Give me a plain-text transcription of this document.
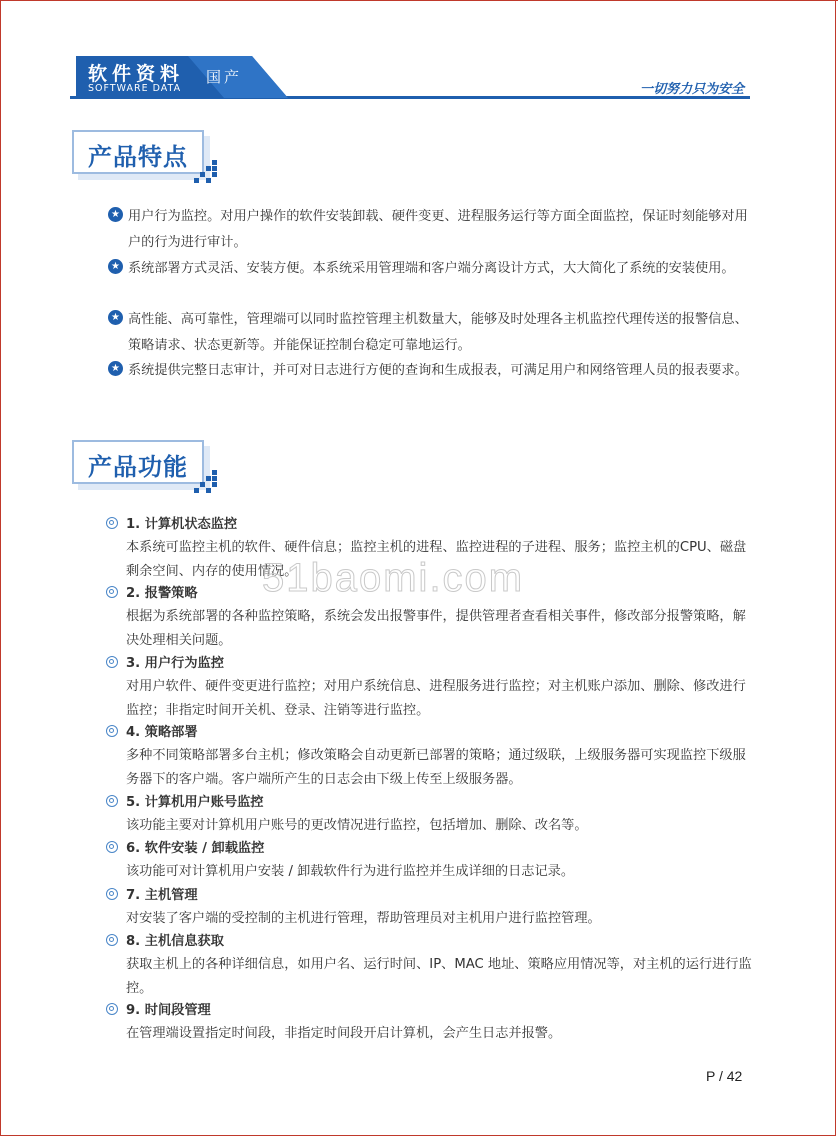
软件资料
SOFTWARE DATA
国产
一切努力只为安全
产品特点
★ 用户行为监控。对用户操作的软件安装卸载、硬件变更、进程服务运行等方面全面监控，保证时刻能够对用户的行为进行审计。
★ 系统部署方式灵活、安装方便。本系统采用管理端和客户端分离设计方式，大大简化了系统的安装使用。
★ 高性能、高可靠性，管理端可以同时监控管理主机数量大，能够及时处理各主机监控代理传送的报警信息、策略请求、状态更新等。并能保证控制台稳定可靠地运行。
★ 系统提供完整日志审计，并可对日志进行方便的查询和生成报表，可满足用户和网络管理人员的报表要求。
产品功能
1. 计算机状态监控
本系统可监控主机的软件、硬件信息；监控主机的进程、监控进程的子进程、服务；监控主机的CPU、磁盘剩余空间、内存的使用情况。
2. 报警策略
根据为系统部署的各种监控策略，系统会发出报警事件，提供管理者查看相关事件，修改部分报警策略，解决处理相关问题。
3. 用户行为监控
对用户软件、硬件变更进行监控；对用户系统信息、进程服务进行监控；对主机账户添加、删除、修改进行监控；非指定时间开关机、登录、注销等进行监控。
4. 策略部署
多种不同策略部署多台主机；修改策略会自动更新已部署的策略；通过级联，上级服务器可实现监控下级服务器下的客户端。客户端所产生的日志会由下级上传至上级服务器。
5. 计算机用户账号监控
该功能主要对计算机用户账号的更改情况进行监控，包括增加、删除、改名等。
6. 软件安装 / 卸载监控
该功能可对计算机用户安装 / 卸载软件行为进行监控并生成详细的日志记录。
7. 主机管理
对安装了客户端的受控制的主机进行管理，帮助管理员对主机用户进行监控管理。
8. 主机信息获取
获取主机上的各种详细信息，如用户名、运行时间、IP、MAC 地址、策略应用情况等，对主机的运行进行监控。
9. 时间段管理
在管理端设置指定时间段，非指定时间段开启计算机，会产生日志并报警。
51baomi.com
P / 42
